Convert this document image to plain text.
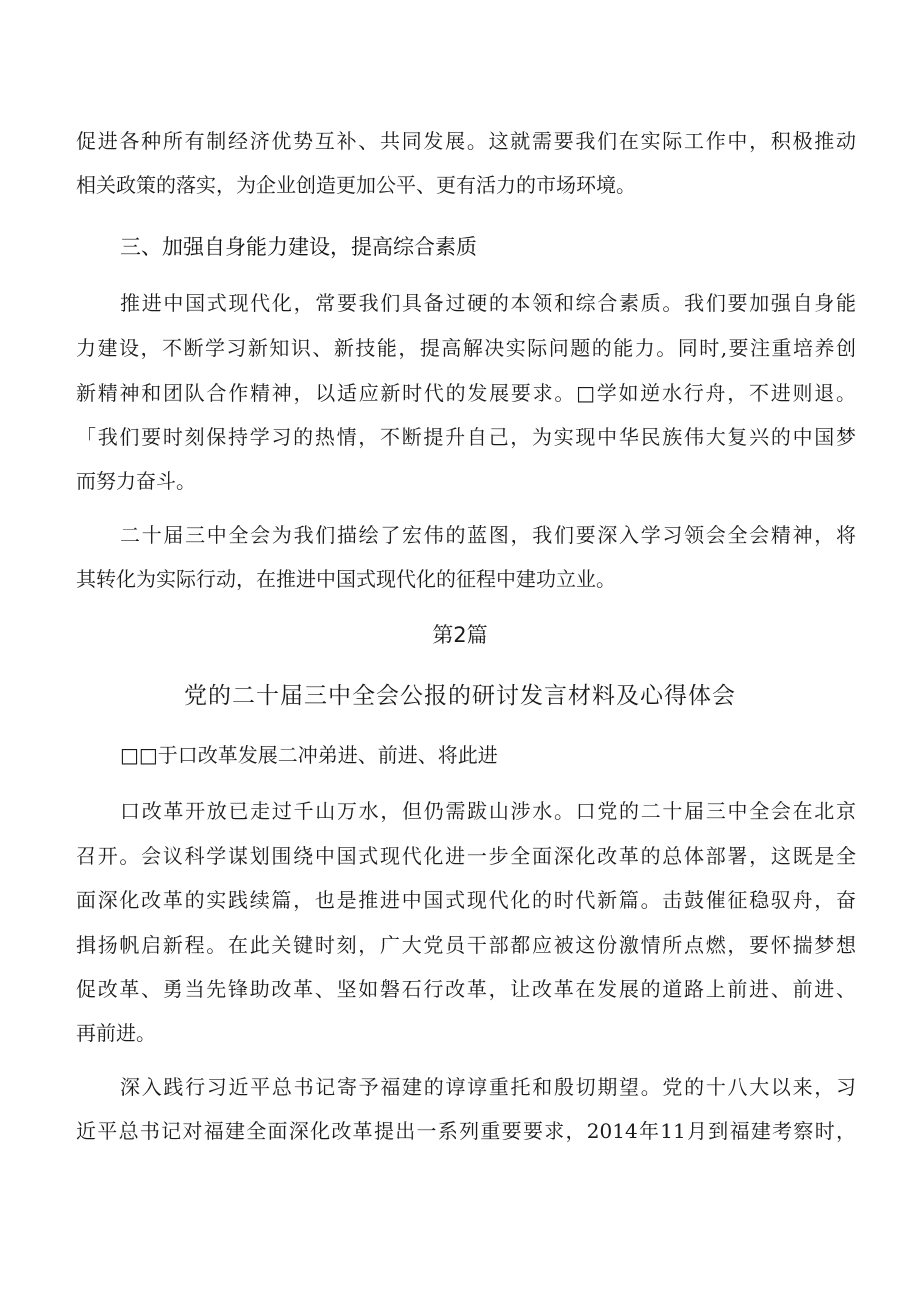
促进各种所有制经济优势互补、共同发展。这就需要我们在实际工作中，积极推动
相关政策的落实，为企业创造更加公平、更有活力的市场环境。
三、加强自身能力建设，提高综合素质
推进中国式现代化，常要我们具备过硬的本领和综合素质。我们要加强自身能
力建设，不断学习新知识、新技能，提高解决实际问题的能力。同时,要注重培养创
新精神和团队合作精神，以适应新时代的发展要求。□学如逆水行舟，不进则退。
「我们要时刻保持学习的热情，不断提升自己，为实现中华民族伟大复兴的中国梦
而努力奋斗。
二十届三中全会为我们描绘了宏伟的蓝图，我们要深入学习领会全会精神，将
其转化为实际行动，在推进中国式现代化的征程中建功立业。
第2篇
党的二十届三中全会公报的研讨发言材料及心得体会
□□于口改革发展二冲弟进、前进、将此进
口改革开放已走过千山万水，但仍需跋山涉水。口党的二十届三中全会在北京
召开。会议科学谋划围绕中国式现代化进一步全面深化改革的总体部署，这既是全
面深化改革的实践续篇，也是推进中国式现代化的时代新篇。击鼓催征稳驭舟，奋
揖扬帆启新程。在此关键时刻，广大党员干部都应被这份激情所点燃，要怀揣梦想
促改革、勇当先锋助改革、坚如磐石行改革，让改革在发展的道路上前进、前进、
再前进。
深入践行习近平总书记寄予福建的谆谆重托和殷切期望。党的十八大以来，习
近平总书记对福建全面深化改革提出一系列重要要求，2014年11月到福建考察时，
